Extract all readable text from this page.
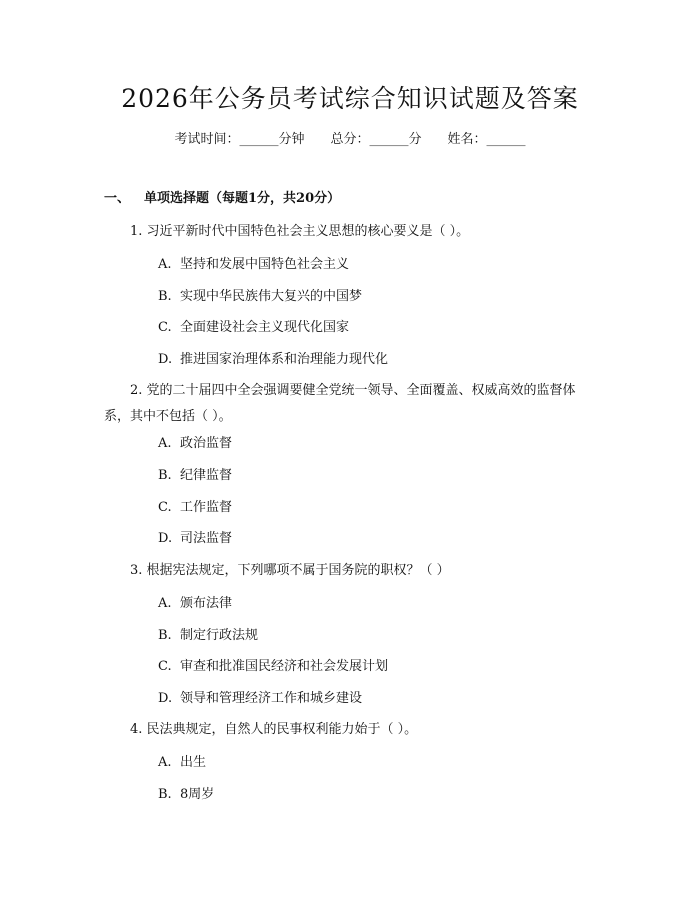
2026年公务员考试综合知识试题及答案
考试时间：______分钟 总分：______分 姓名：______
一、 单项选择题（每题1分，共20分）
1. 习近平新时代中国特色社会主义思想的核心要义是（ ）。
A. 坚持和发展中国特色社会主义
B. 实现中华民族伟大复兴的中国梦
C. 全面建设社会主义现代化国家
D. 推进国家治理体系和治理能力现代化
2. 党的二十届四中全会强调要健全党统一领导、全面覆盖、权威高效的监督体系，其中不包括（ ）。
A. 政治监督
B. 纪律监督
C. 工作监督
D. 司法监督
3. 根据宪法规定，下列哪项不属于国务院的职权？（ ）
A. 颁布法律
B. 制定行政法规
C. 审查和批准国民经济和社会发展计划
D. 领导和管理经济工作和城乡建设
4. 民法典规定，自然人的民事权利能力始于（ ）。
A. 出生
B. 8周岁
